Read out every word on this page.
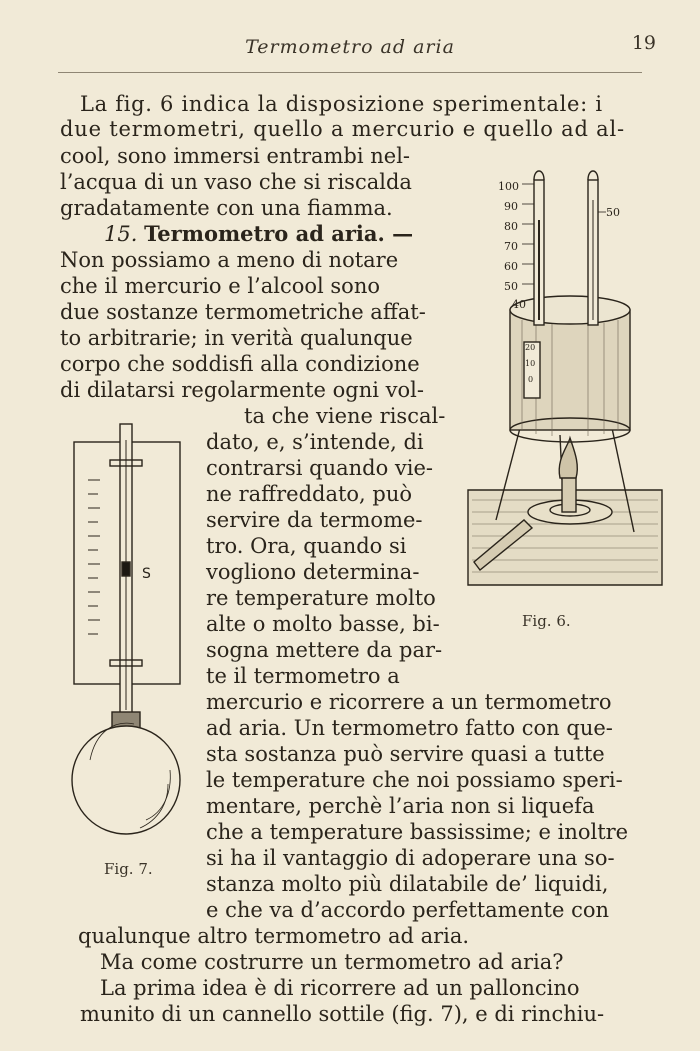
Termometro ad aria	19
La fig. 6 indica la disposizione sperimentale: i
due termometri, quello a mercurio e quello ad al-
cool, sono immersi entrambi nel-
l’acqua di un vaso che si riscalda
gradatamente con una fiamma.
15. Termometro ad aria. —
Non possiamo a meno di notare
che il mercurio e l’alcool sono
due sostanze termometriche affat-
to arbitrarie; in verità qualunque
corpo che soddisfi alla condizione
di dilatarsi regolarmente ogni vol-
ta che viene riscal-
dato, e, s’intende, di
contrarsi quando vie-
ne raffreddato, può
servire da termome-
tro. Ora, quando si
vogliono determina-
re temperature molto
alte o molto basse, bi-
sogna mettere da par-
te il termometro a
mercurio e ricorrere a un termometro
ad aria. Un termometro fatto con que-
sta sostanza può servire quasi a tutte
le temperature che noi possiamo speri-
mentare, perchè l’aria non si liquefa
che a temperature bassissime; e inoltre
si ha il vantaggio di adoperare una so-
stanza molto più dilatabile de’ liquidi,
e che va d’accordo perfettamente con
qualunque altro termometro ad aria.
Ma come costrurre un termometro ad aria?
La prima idea è di ricorrere ad un palloncino
munito di un cannello sottile (fig. 7), e di rinchiu-
100
90
80
70
60
50
40
50
20
10
0
Fig. 6.
S
Fig. 7.
